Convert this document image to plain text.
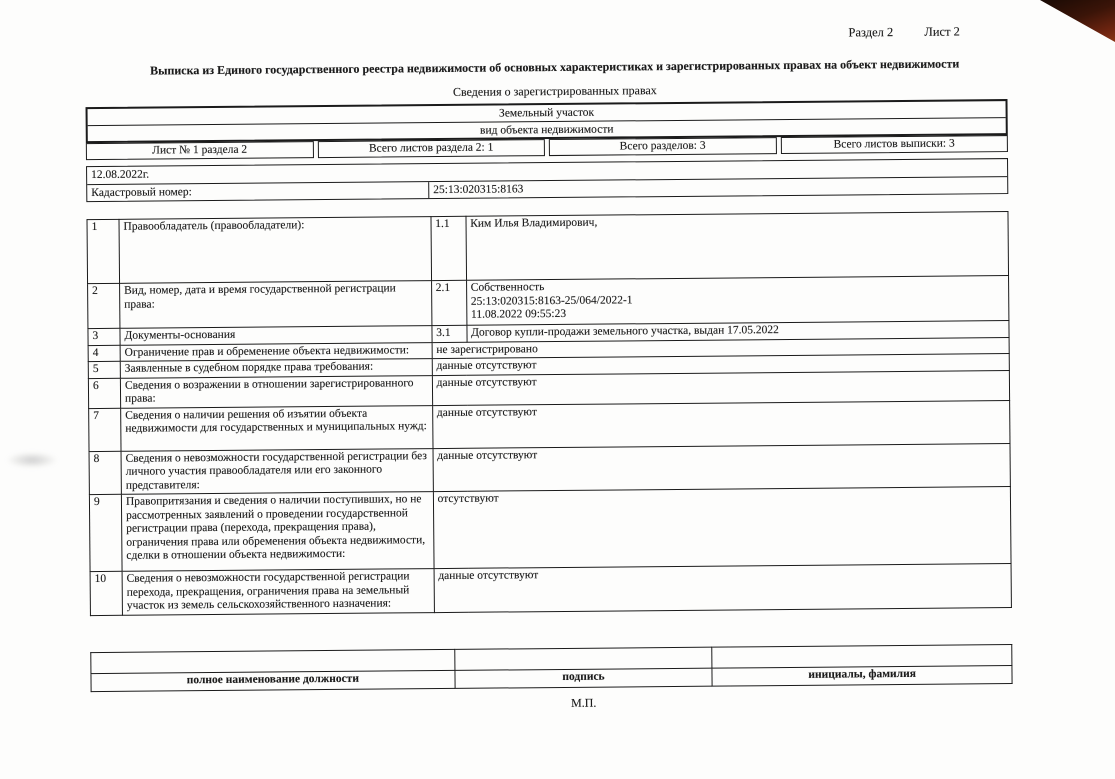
Раздел 2 Лист 2
Выписка из Единого государственного реестра недвижимости об основных характеристиках и зарегистрированных правах на объект недвижимости
Сведения о зарегистрированных правах
Земельный участок
вид объекта недвижимости
Лист № 1 раздела 2	Всего листов раздела 2: 1	Всего разделов: 3	Всего листов выписки: 3
12.08.2022г.
Кадастровый номер:	25:13:020315:8163
1	Правообладатель (правообладатели):	1.1	Ким Илья Владимирович,
2	Вид, номер, дата и время государственной регистрации права:	2.1	Собственность
25:13:020315:8163-25/064/2022-1
11.08.2022 09:55:23
3	Документы-основания	3.1	Договор купли-продажи земельного участка, выдан 17.05.2022
4	Ограничение прав и обременение объекта недвижимости:	не зарегистрировано	
5	Заявленные в судебном порядке права требования:	данные отсутствуют	
6	Сведения о возражении в отношении зарегистрированного права:	данные отсутствуют	
7	Сведения о наличии решения об изъятии объекта недвижимости для государственных и муниципальных нужд:	данные отсутствуют	
8	Сведения о невозможности государственной регистрации без личного участия правообладателя или его законного представителя:	данные отсутствуют	
9	Правопритязания и сведения о наличии поступивших, но не рассмотренных заявлений о проведении государственной регистрации права (перехода, прекращения права), ограничения права или обременения объекта недвижимости, сделки в отношении объекта недвижимости:	отсутствуют	
10	Сведения о невозможности государственной регистрации перехода, прекращения, ограничения права на земельный участок из земель сельскохозяйственного назначения:	данные отсутствуют	

полное наименование должности	подпись	инициалы, фамилия
М.П.
